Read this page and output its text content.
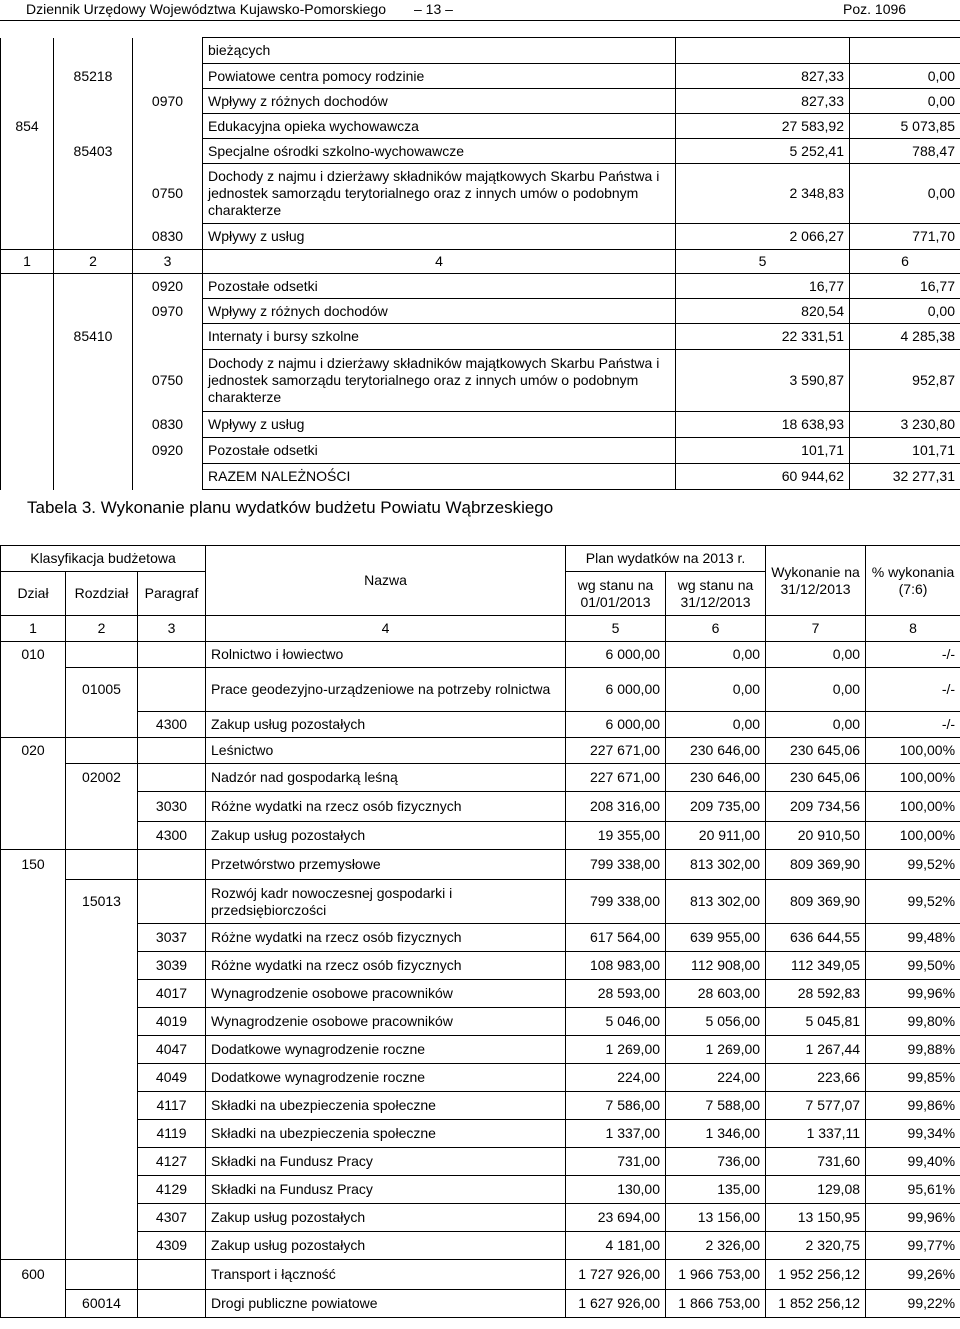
Dziennik Urzędowy Województwa Kujawsko-Pomorskiego – 13 –	Poz. 1096
			bieżących		
	85218		Powiatowe centra pomocy rodzinie	827,33	0,00
		0970	Wpływy z różnych dochodów	827,33	0,00
854			Edukacyjna opieka wychowawcza	27 583,92	5 073,85
	85403		Specjalne ośrodki szkolno-wychowawcze	5 252,41	788,47
		0750	Dochody z najmu i dzierżawy składników majątkowych Skarbu Państwa i jednostek samorządu terytorialnego oraz z innych umów o podobnym charakterze	2 348,83	0,00
		0830	Wpływy z usług	2 066,27	771,70
1	2	3	4	5	6
		0920	Pozostałe odsetki	16,77	16,77
		0970	Wpływy z różnych dochodów	820,54	0,00
	85410		Internaty i bursy szkolne	22 331,51	4 285,38
		0750	Dochody z najmu i dzierżawy składników majątkowych Skarbu Państwa i jednostek samorządu terytorialnego oraz z innych umów o podobnym charakterze	3 590,87	952,87
		0830	Wpływy z usług	18 638,93	3 230,80
		0920	Pozostałe odsetki	101,71	101,71
			RAZEM NALEŻNOŚCI	60 944,62	32 277,31
Tabela 3. Wykonanie planu wydatków budżetu Powiatu Wąbrzeskiego
Klasyfikacja budżetowa			Nazwa	Plan wydatków na 2013 r.		Wykonanie na 31/12/2013	% wykonania (7:6)
Dział	Rozdział	Paragraf		wg stanu na 01/01/2013	wg stanu na 31/12/2013		
1	2	3	4	5	6	7	8
010			Rolnictwo i łowiectwo	6 000,00	0,00	0,00	-/-
	01005		Prace geodezyjno-urządzeniowe na potrzeby rolnictwa	6 000,00	0,00	0,00	-/-
		4300	Zakup usług pozostałych	6 000,00	0,00	0,00	-/-
020			Leśnictwo	227 671,00	230 646,00	230 645,06	100,00%
	02002		Nadzór nad gospodarką leśną	227 671,00	230 646,00	230 645,06	100,00%
		3030	Różne wydatki na rzecz osób fizycznych	208 316,00	209 735,00	209 734,56	100,00%
		4300	Zakup usług pozostałych	19 355,00	20 911,00	20 910,50	100,00%
150			Przetwórstwo przemysłowe	799 338,00	813 302,00	809 369,90	99,52%
	15013		Rozwój kadr nowoczesnej gospodarki i przedsiębiorczości	799 338,00	813 302,00	809 369,90	99,52%
		3037	Różne wydatki na rzecz osób fizycznych	617 564,00	639 955,00	636 644,55	99,48%
		3039	Różne wydatki na rzecz osób fizycznych	108 983,00	112 908,00	112 349,05	99,50%
		4017	Wynagrodzenie osobowe pracowników	28 593,00	28 603,00	28 592,83	99,96%
		4019	Wynagrodzenie osobowe pracowników	5 046,00	5 056,00	5 045,81	99,80%
		4047	Dodatkowe wynagrodzenie roczne	1 269,00	1 269,00	1 267,44	99,88%
		4049	Dodatkowe wynagrodzenie roczne	224,00	224,00	223,66	99,85%
		4117	Składki na ubezpieczenia społeczne	7 586,00	7 588,00	7 577,07	99,86%
		4119	Składki na ubezpieczenia społeczne	1 337,00	1 346,00	1 337,11	99,34%
		4127	Składki na Fundusz Pracy	731,00	736,00	731,60	99,40%
		4129	Składki na Fundusz Pracy	130,00	135,00	129,08	95,61%
		4307	Zakup usług pozostałych	23 694,00	13 156,00	13 150,95	99,96%
		4309	Zakup usług pozostałych	4 181,00	2 326,00	2 320,75	99,77%
600			Transport i łączność	1 727 926,00	1 966 753,00	1 952 256,12	99,26%
	60014		Drogi publiczne powiatowe	1 627 926,00	1 866 753,00	1 852 256,12	99,22%
